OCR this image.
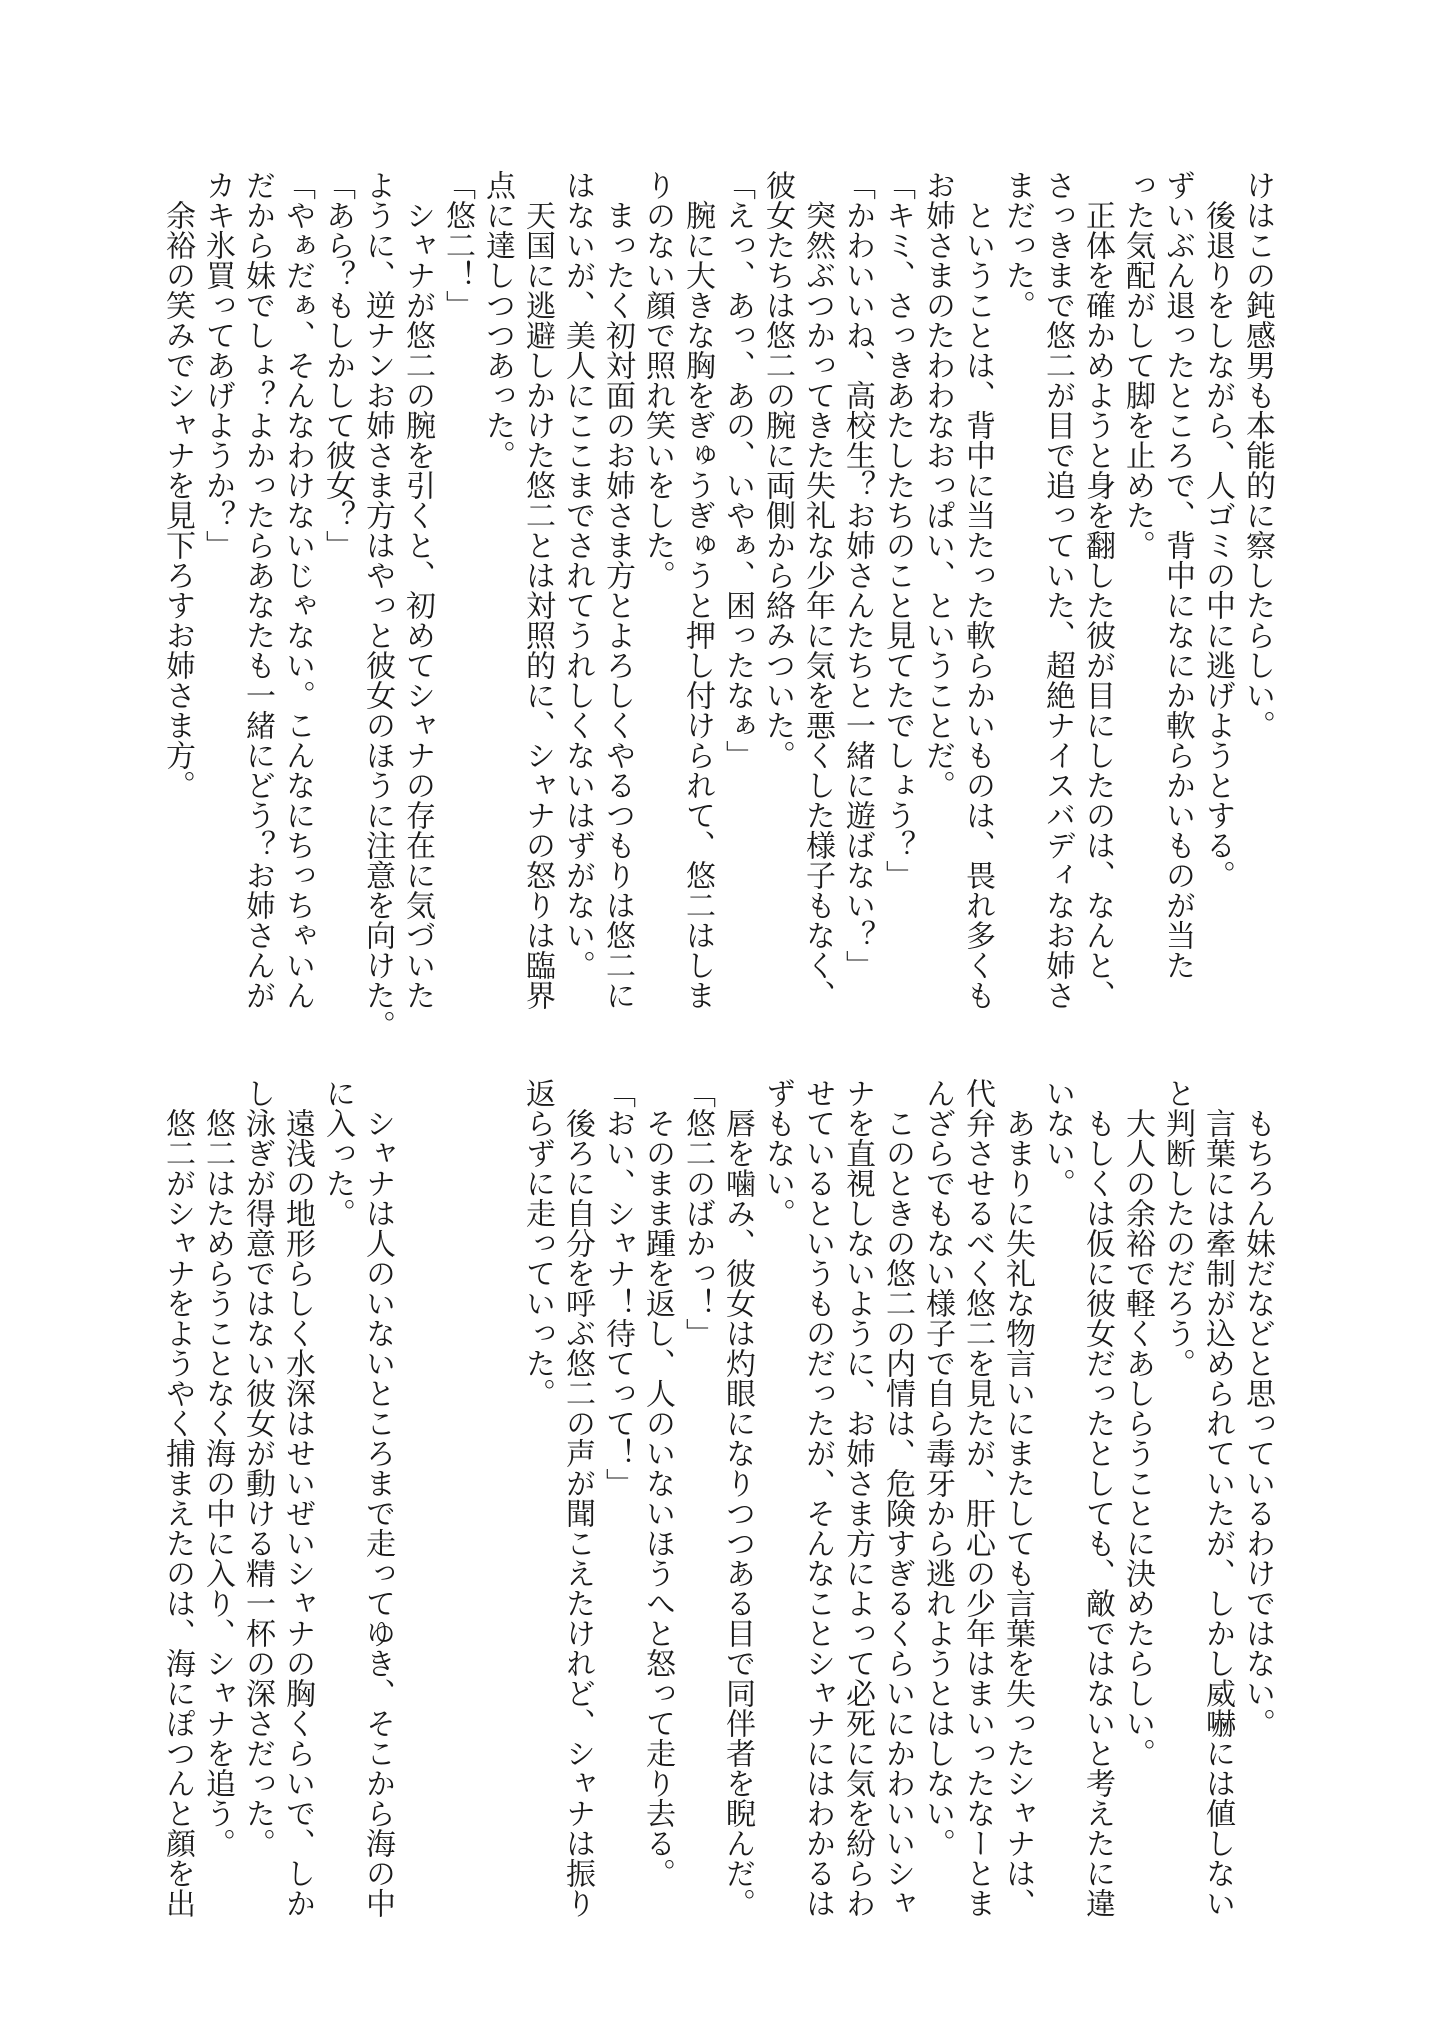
けはこの鈍感男も本能的に察したらしい。
　後退りをしながら、人ゴミの中に逃げようとする。
ずいぶん退ったところで、背中になにか軟らかいものが当た
った気配がして脚を止めた。
　正体を確かめようと身を翻した彼が目にしたのは、なんと、
さっきまで悠二が目で追っていた、超絶ナイスバディなお姉さ
まだった。
　ということは、背中に当たった軟らかいものは、畏れ多くも
お姉さまのたわわなおっぱい、ということだ。
「キミ、さっきあたしたちのこと見てたでしょう？」
「かわいいね、高校生？お姉さんたちと一緒に遊ばない？」
　突然ぶつかってきた失礼な少年に気を悪くした様子もなく、
彼女たちは悠二の腕に両側から絡みついた。
「えっ、あっ、あの、いやぁ、困ったなぁ」
　腕に大きな胸をぎゅうぎゅうと押し付けられて、悠二はしま
りのない顔で照れ笑いをした。
　まったく初対面のお姉さま方とよろしくやるつもりは悠二に
はないが、美人にここまでされてうれしくないはずがない。
　天国に逃避しかけた悠二とは対照的に、シャナの怒りは臨界
点に達しつつあった。
「悠二！」
　シャナが悠二の腕を引くと、初めてシャナの存在に気づいた
ように、逆ナンお姉さま方はやっと彼女のほうに注意を向けた。
「あら？もしかして彼女？」
「やぁだぁ、そんなわけないじゃない。こんなにちっちゃいん
だから妹でしょ？よかったらあなたも一緒にどう？お姉さんが
カキ氷買ってあげようか？」
　余裕の笑みでシャナを見下ろすお姉さま方。
　もちろん妹だなどと思っているわけではない。
　言葉には牽制が込められていたが、しかし威嚇には値しない
と判断したのだろう。
　大人の余裕で軽くあしらうことに決めたらしい。
　もしくは仮に彼女だったとしても、敵ではないと考えたに違
いない。
　あまりに失礼な物言いにまたしても言葉を失ったシャナは、
代弁させるべく悠二を見たが、肝心の少年はまいったなーとま
んざらでもない様子で自ら毒牙から逃れようとはしない。
　このときの悠二の内情は、危険すぎるくらいにかわいいシャ
ナを直視しないように、お姉さま方によって必死に気を紛らわ
せているというものだったが、そんなことシャナにはわかるは
ずもない。
　唇を噛み、彼女は灼眼になりつつある目で同伴者を睨んだ。
「悠二のばかっ！」
　そのまま踵を返し、人のいないほうへと怒って走り去る。
「おい、シャナ！待てって！」
　後ろに自分を呼ぶ悠二の声が聞こえたけれど、シャナは振り
返らずに走っていった。
　シャナは人のいないところまで走ってゆき、そこから海の中
に入った。
　遠浅の地形らしく水深はせいぜいシャナの胸くらいで、しか
し泳ぎが得意ではない彼女が動ける精一杯の深さだった。
　悠二はためらうことなく海の中に入り、シャナを追う。
　悠二がシャナをようやく捕まえたのは、海にぽつんと顔を出
